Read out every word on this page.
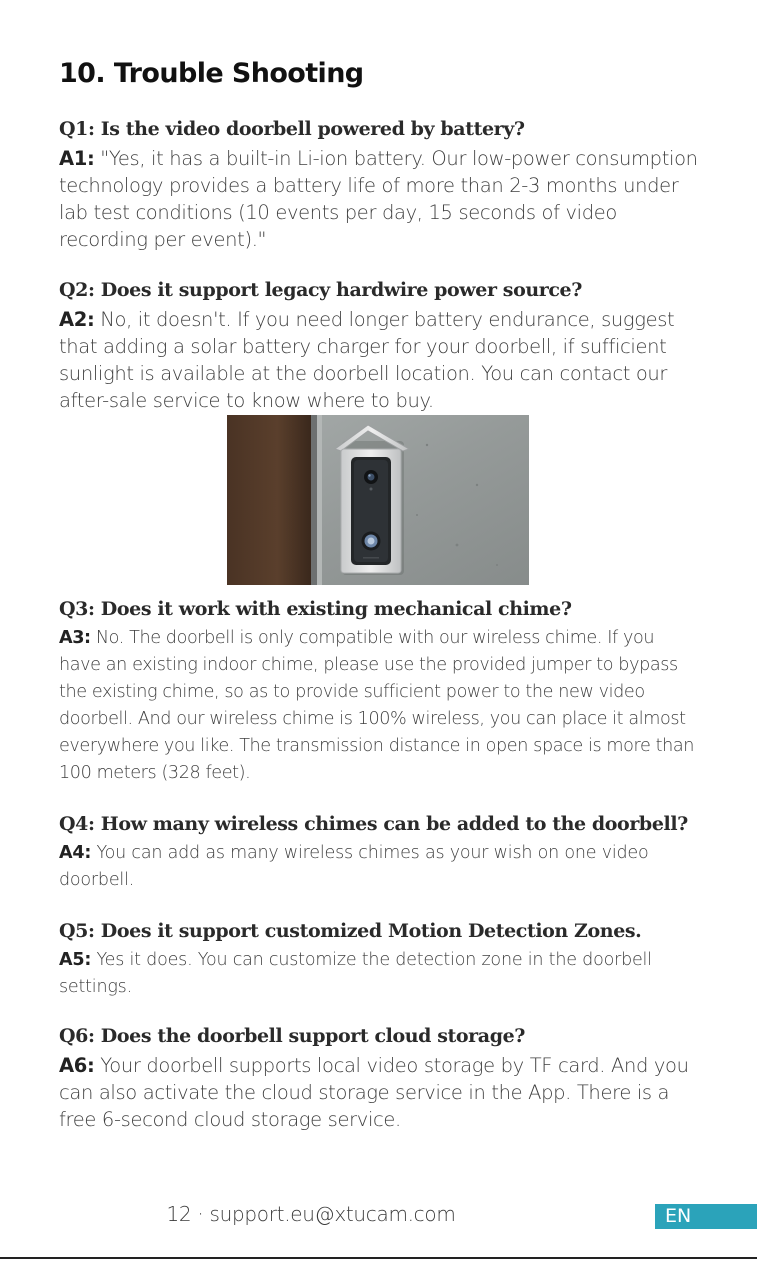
10. Trouble Shooting
Q1: Is the video doorbell powered by battery?
A1: "Yes, it has a built-in Li-ion battery. Our low-power consumption technology provides a battery life of more than 2-3 months under lab test conditions (10 events per day, 15 seconds of video recording per event)."
Q2: Does it support legacy hardwire power source?
A2: No, it doesn't. If you need longer battery endurance, suggest that adding a solar battery charger for your doorbell, if sufficient sunlight is available at the doorbell location. You can contact our after-sale service to know where to buy.
Q3: Does it work with existing mechanical chime?
A3: No. The doorbell is only compatible with our wireless chime. If you have an existing indoor chime, please use the provided jumper to bypass the existing chime, so as to provide sufficient power to the new video doorbell. And our wireless chime is 100% wireless, you can place it almost everywhere you like. The transmission distance in open space is more than 100 meters (328 feet).
Q4: How many wireless chimes can be added to the doorbell?
A4: You can add as many wireless chimes as your wish on one video doorbell.
Q5: Does it support customized Motion Detection Zones.
A5: Yes it does. You can customize the detection zone in the doorbell settings.
Q6: Does the doorbell support cloud storage?
A6: Your doorbell supports local video storage by TF card. And you can also activate the cloud storage service in the App. There is a free 6-second cloud storage service.
12 · support.eu@xtucam.com	EN
